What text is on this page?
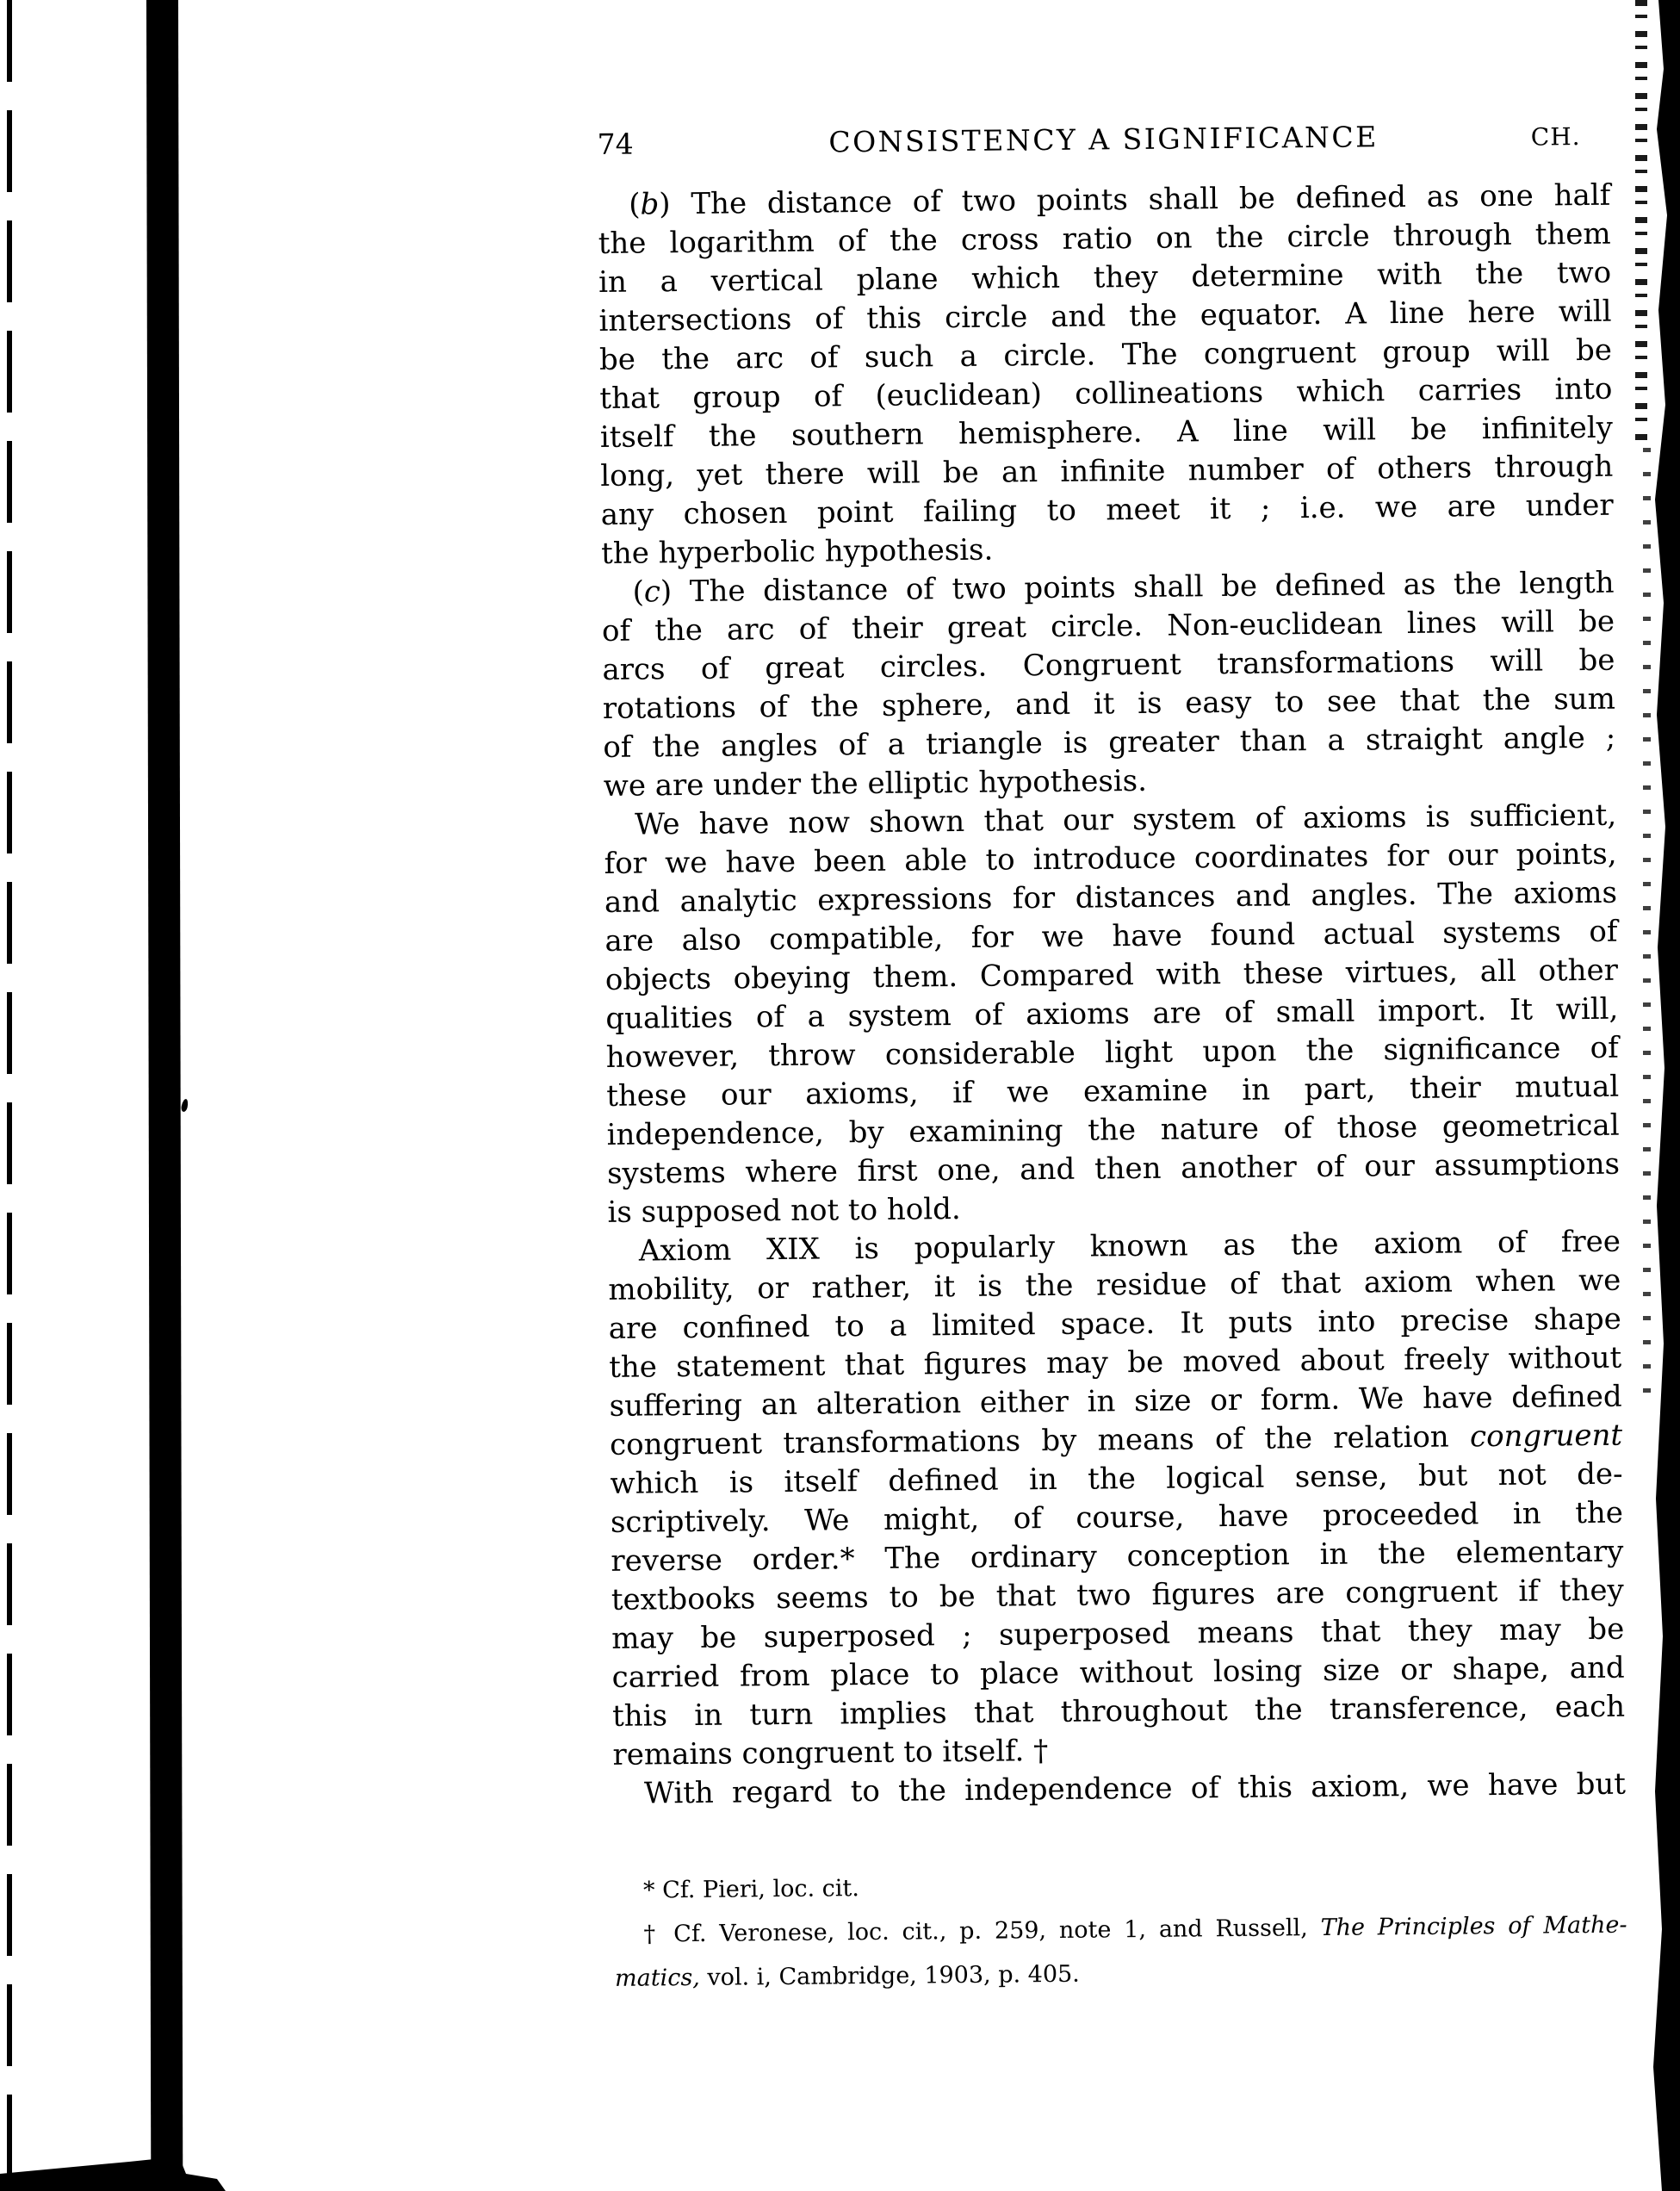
74	CONSISTENCY A SIGNIFICANCE	CH.
(b) The distance of two points shall be defined as one half
the logarithm of the cross ratio on the circle through them
in a vertical plane which they determine with the two
intersections of this circle and the equator. A line here will
be the arc of such a circle. The congruent group will be
that group of (euclidean) collineations which carries into
itself the southern hemisphere. A line will be infinitely
long, yet there will be an infinite number of others through
any chosen point failing to meet it ; i.e. we are under
the hyperbolic hypothesis.
(c) The distance of two points shall be defined as the length
of the arc of their great circle. Non-euclidean lines will be
arcs of great circles. Congruent transformations will be
rotations of the sphere, and it is easy to see that the sum
of the angles of a triangle is greater than a straight angle ;
we are under the elliptic hypothesis.
We have now shown that our system of axioms is sufficient,
for we have been able to introduce coordinates for our points,
and analytic expressions for distances and angles. The axioms
are also compatible, for we have found actual systems of
objects obeying them. Compared with these virtues, all other
qualities of a system of axioms are of small import. It will,
however, throw considerable light upon the significance of
these our axioms, if we examine in part, their mutual
independence, by examining the nature of those geometrical
systems where first one, and then another of our assumptions
is supposed not to hold.
Axiom XIX is popularly known as the axiom of free
mobility, or rather, it is the residue of that axiom when we
are confined to a limited space. It puts into precise shape
the statement that figures may be moved about freely without
suffering an alteration either in size or form. We have defined
congruent transformations by means of the relation congruent
which is itself defined in the logical sense, but not de-
scriptively. We might, of course, have proceeded in the
reverse order.* The ordinary conception in the elementary
textbooks seems to be that two figures are congruent if they
may be superposed ; superposed means that they may be
carried from place to place without losing size or shape, and
this in turn implies that throughout the transference, each
remains congruent to itself. †
With regard to the independence of this axiom, we have but
* Cf. Pieri, loc. cit.
† Cf. Veronese, loc. cit., p. 259, note 1, and Russell, The Principles of Mathe-
matics, vol. i, Cambridge, 1903, p. 405.
